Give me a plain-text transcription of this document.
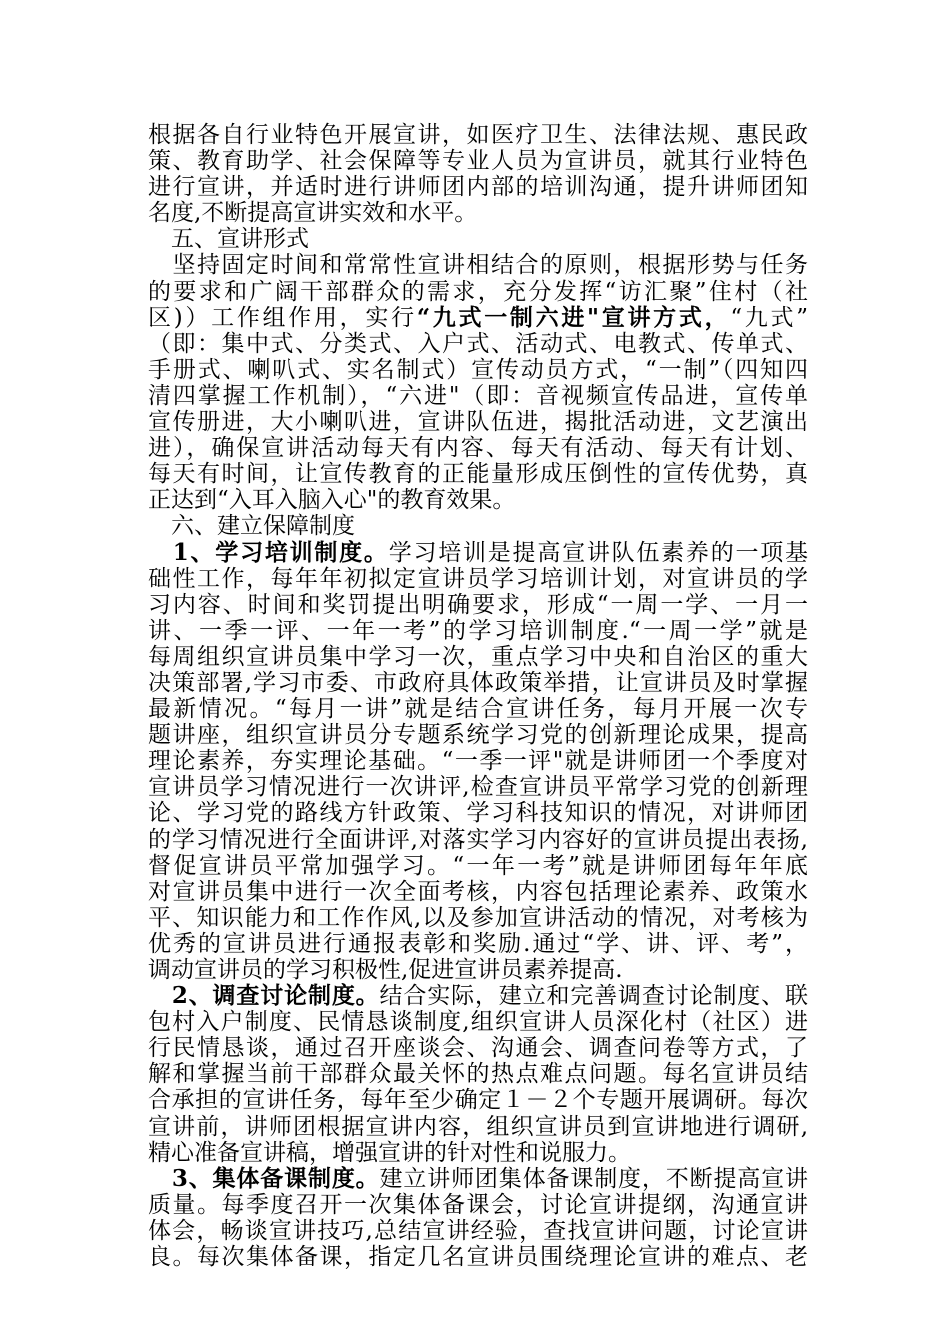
根据各自行业特色开展宣讲，如医疗卫生、法律法规、惠民政
策、教育助学、社会保障等专业人员为宣讲员，就其行业特色
进行宣讲，并适时进行讲师团内部的培训沟通，提升讲师团知
名度,不断提高宣讲实效和水平。
　五、宣讲形式
　坚持固定时间和常常性宣讲相结合的原则，根据形势与任务
的要求和广阔干部群众的需求，充分发挥“访汇聚”住村（社
区)）工作组作用，实行“九式一制六进"宣讲方式，“九式”
（即：集中式、分类式、入户式、活动式、电教式、传单式、
手册式、喇叭式、实名制式）宣传动员方式，“一制”（四知四
清四掌握工作机制），“六进"（即：音视频宣传品进，宣传单
宣传册进，大小喇叭进，宣讲队伍进，揭批活动进，文艺演出
进），确保宣讲活动每天有内容、每天有活动、每天有计划、
每天有时间，让宣传教育的正能量形成压倒性的宣传优势，真
正达到“入耳入脑入心"的教育效果。
　六、建立保障制度
　1、学习培训制度。学习培训是提高宣讲队伍素养的一项基
础性工作，每年年初拟定宣讲员学习培训计划，对宣讲员的学
习内容、时间和奖罚提出明确要求，形成“一周一学、一月一
讲、一季一评、一年一考”的学习培训制度.“一周一学”就是
每周组织宣讲员集中学习一次，重点学习中央和自治区的重大
决策部署,学习市委、市政府具体政策举措，让宣讲员及时掌握
最新情况。“每月一讲”就是结合宣讲任务，每月开展一次专
题讲座，组织宣讲员分专题系统学习党的创新理论成果，提高
理论素养，夯实理论基础。“一季一评"就是讲师团一个季度对
宣讲员学习情况进行一次讲评,检查宣讲员平常学习党的创新理
论、学习党的路线方针政策、学习科技知识的情况，对讲师团
的学习情况进行全面讲评,对落实学习内容好的宣讲员提出表扬,
督促宣讲员平常加强学习。“一年一考”就是讲师团每年年底
对宣讲员集中进行一次全面考核，内容包括理论素养、政策水
平、知识能力和工作作风,以及参加宣讲活动的情况，对考核为
优秀的宣讲员进行通报表彰和奖励.通过“学、讲、评、考”，
调动宣讲员的学习积极性,促进宣讲员素养提高.
　2、调查讨论制度。结合实际，建立和完善调查讨论制度、联
包村入户制度、民情恳谈制度,组织宣讲人员深化村（社区）进
行民情恳谈，通过召开座谈会、沟通会、调查问卷等方式，了
解和掌握当前干部群众最关怀的热点难点问题。每名宣讲员结
合承担的宣讲任务，每年至少确定１－２个专题开展调研。每次
宣讲前，讲师团根据宣讲内容，组织宣讲员到宣讲地进行调研,
精心准备宣讲稿，增强宣讲的针对性和说服力。
　3、集体备课制度。建立讲师团集体备课制度，不断提高宣讲
质量。每季度召开一次集体备课会，讨论宣讲提纲，沟通宣讲
体会，畅谈宣讲技巧,总结宣讲经验，查找宣讲问题，讨论宣讲
良。每次集体备课，指定几名宣讲员围绕理论宣讲的难点、老
